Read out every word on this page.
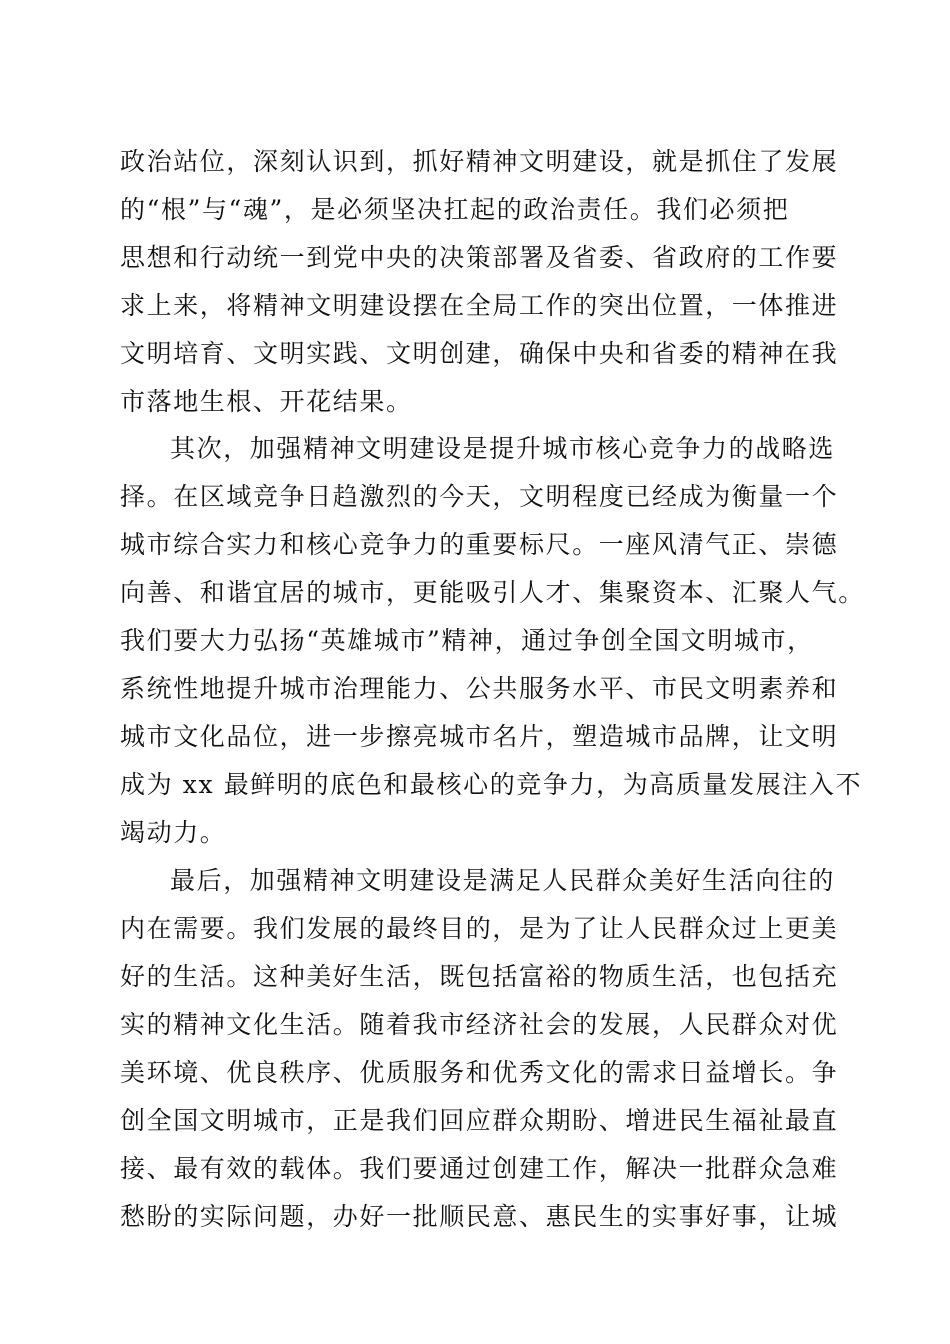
政治站位，深刻认识到，抓好精神文明建设，就是抓住了发展
的“根”与“魂”，是必须坚决扛起的政治责任。我们必须把
思想和行动统一到党中央的决策部署及省委、省政府的工作要
求上来，将精神文明建设摆在全局工作的突出位置，一体推进
文明培育、文明实践、文明创建，确保中央和省委的精神在我
市落地生根、开花结果。
其次，加强精神文明建设是提升城市核心竞争力的战略选
择。在区域竞争日趋激烈的今天，文明程度已经成为衡量一个
城市综合实力和核心竞争力的重要标尺。一座风清气正、崇德
向善、和谐宜居的城市，更能吸引人才、集聚资本、汇聚人气。
我们要大力弘扬“英雄城市”精神，通过争创全国文明城市，
系统性地提升城市治理能力、公共服务水平、市民文明素养和
城市文化品位，进一步擦亮城市名片，塑造城市品牌，让文明
成为 xx 最鲜明的底色和最核心的竞争力，为高质量发展注入不
竭动力。
最后，加强精神文明建设是满足人民群众美好生活向往的
内在需要。我们发展的最终目的，是为了让人民群众过上更美
好的生活。这种美好生活，既包括富裕的物质生活，也包括充
实的精神文化生活。随着我市经济社会的发展，人民群众对优
美环境、优良秩序、优质服务和优秀文化的需求日益增长。争
创全国文明城市，正是我们回应群众期盼、增进民生福祉最直
接、最有效的载体。我们要通过创建工作，解决一批群众急难
愁盼的实际问题，办好一批顺民意、惠民生的实事好事，让城
